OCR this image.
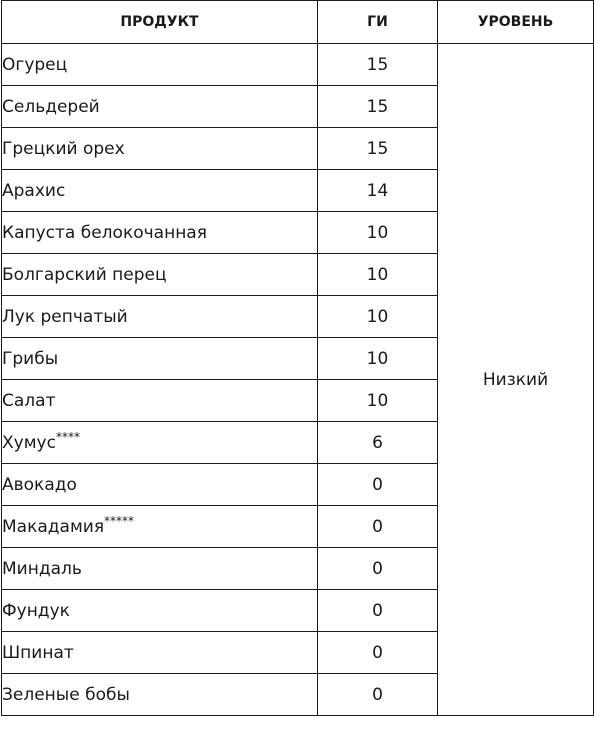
ПРОДУКТ	ГИ	УРОВЕНЬ
Огурец	15	Низкий
Сельдерей	15	
Грецкий орех	15	
Арахис	14	
Капуста белокочанная	10	
Болгарский перец	10	
Лук репчатый	10	
Грибы	10	
Салат	10	
Хумус****	6	
Авокадо	0	
Макадамия*****	0	
Миндаль	0	
Фундук	0	
Шпинат	0	
Зеленые бобы	0	
